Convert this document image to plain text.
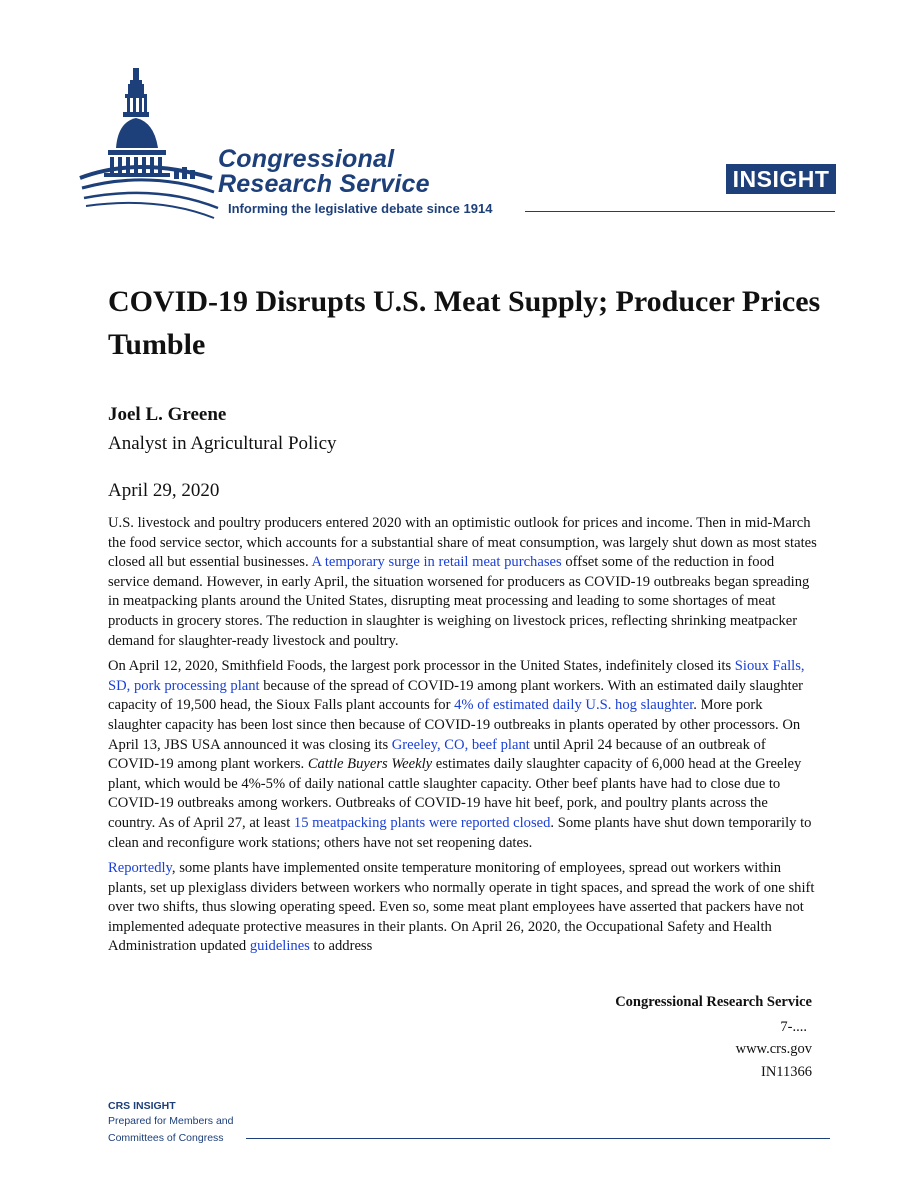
Congressional
Research Service
Informing the legislative debate since 1914
INSIGHT
COVID-19 Disrupts U.S. Meat Supply; Producer Prices Tumble
Joel L. Greene
Analyst in Agricultural Policy
April 29, 2020

U.S. livestock and poultry producers entered 2020 with an optimistic outlook for prices and income. Then in mid-March the food service sector, which accounts for a substantial share of meat consumption, was largely shut down as most states closed all but essential businesses. A temporary surge in retail meat purchases offset some of the reduction in food service demand. However, in early April, the situation worsened for producers as COVID-19 outbreaks began spreading in meatpacking plants around the United States, disrupting meat processing and leading to some shortages of meat products in grocery stores. The reduction in slaughter is weighing on livestock prices, reflecting shrinking meatpacker demand for slaughter-ready livestock and poultry.

On April 12, 2020, Smithfield Foods, the largest pork processor in the United States, indefinitely closed its Sioux Falls, SD, pork processing plant because of the spread of COVID-19 among plant workers. With an estimated daily slaughter capacity of 19,500 head, the Sioux Falls plant accounts for 4% of estimated daily U.S. hog slaughter. More pork slaughter capacity has been lost since then because of COVID-19 outbreaks in plants operated by other processors. On April 13, JBS USA announced it was closing its Greeley, CO, beef plant until April 24 because of an outbreak of COVID-19 among plant workers. Cattle Buyers Weekly estimates daily slaughter capacity of 6,000 head at the Greeley plant, which would be 4%-5% of daily national cattle slaughter capacity. Other beef plants have had to close due to COVID-19 outbreaks among workers. Outbreaks of COVID-19 have hit beef, pork, and poultry plants across the country. As of April 27, at least 15 meatpacking plants were reported closed. Some plants have shut down temporarily to clean and reconfigure work stations; others have not set reopening dates.

Reportedly, some plants have implemented onsite temperature monitoring of employees, spread out workers within plants, set up plexiglass dividers between workers who normally operate in tight spaces, and spread the work of one shift over two shifts, thus slowing operating speed. Even so, some meat plant employees have asserted that packers have not implemented adequate protective measures in their plants. On April 26, 2020, the Occupational Safety and Health Administration updated guidelines to address

Congressional Research Service
7-....
www.crs.gov
IN11366
CRS INSIGHT
Prepared for Members and
Committees of Congress
